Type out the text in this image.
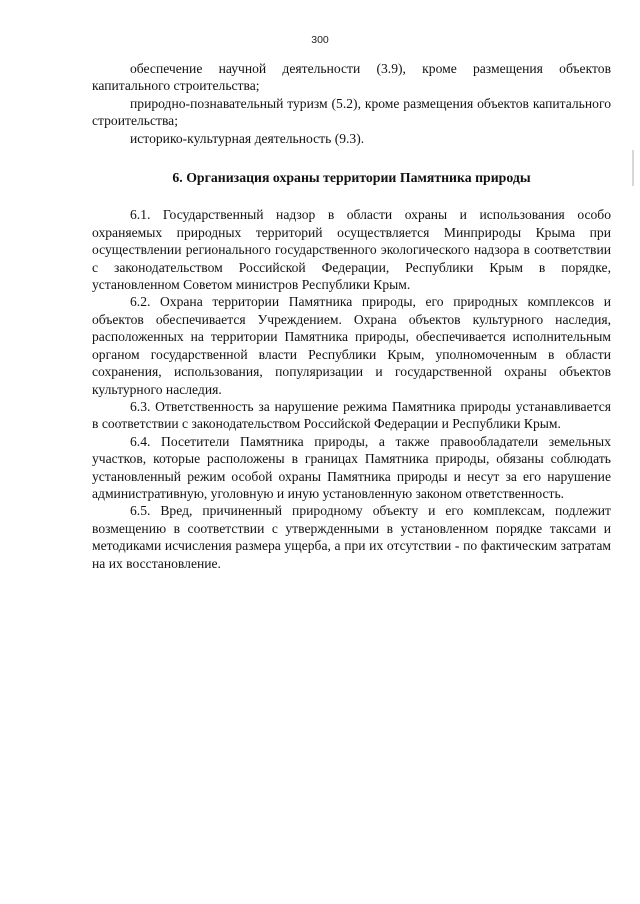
300

обеспечение научной деятельности (3.9), кроме размещения объектов капитального строительства;

природно-познавательный туризм (5.2), кроме размещения объектов капитального строительства;

историко-культурная деятельность (9.3).

6. Организация охраны территории Памятника природы

6.1. Государственный надзор в области охраны и использования особо охраняемых природных территорий осуществляется Минприроды Крыма при осуществлении регионального государственного экологического надзора в соответствии с законодательством Российской Федерации, Республики Крым в порядке, установленном Советом министров Республики Крым.

6.2. Охрана территории Памятника природы, его природных комплексов и объектов обеспечивается Учреждением. Охрана объектов культурного наследия, расположенных на территории Памятника природы, обеспечивается исполнительным органом государственной власти Республики Крым, уполномоченным в области сохранения, использования, популяризации и государственной охраны объектов культурного наследия.

6.3. Ответственность за нарушение режима Памятника природы устанавливается в соответствии с законодательством Российской Федерации и Республики Крым.

6.4. Посетители Памятника природы, а также правообладатели земельных участков, которые расположены в границах Памятника природы, обязаны соблюдать установленный режим особой охраны Памятника природы и несут за его нарушение административную, уголовную и иную установленную законом ответственность.

6.5. Вред, причиненный природному объекту и его комплексам, подлежит возмещению в соответствии с утвержденными в установленном порядке таксами и методиками исчисления размера ущерба, а при их отсутствии - по фактическим затратам на их восстановление.
